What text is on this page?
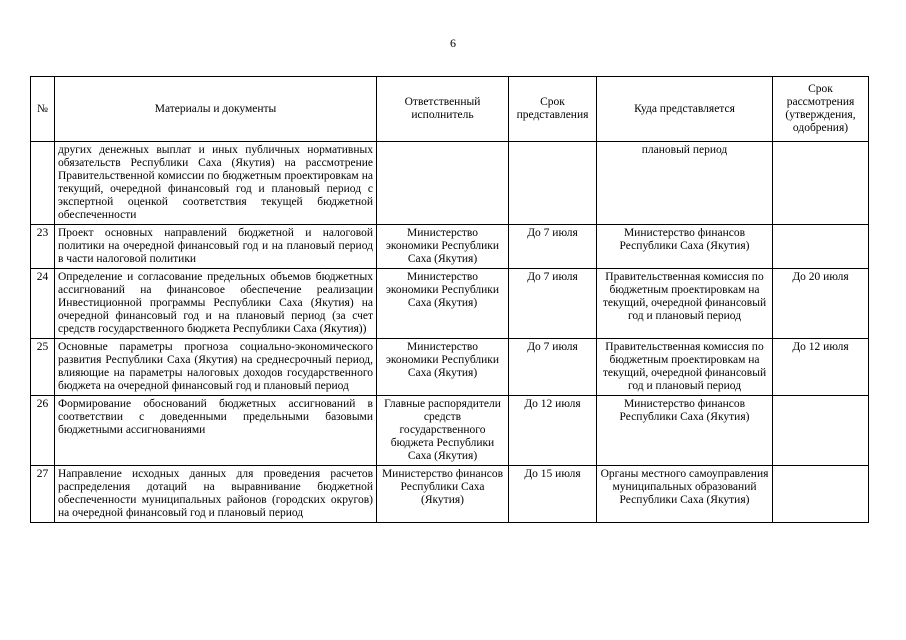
6
№	Материалы и документы	Ответственный исполнитель	Срок представления	Куда представляется	Срок рассмотрения (утверждения, одобрения)
	других денежных выплат и иных публичных нормативных обязательств Республики Саха (Якутия) на рассмотрение Правительственной комиссии по бюджетным проектировкам на текущий, очередной финансовый год и плановый период с экспертной оценкой соответствия текущей бюджетной обеспеченности			плановый период	
23	Проект основных направлений бюджетной и налоговой политики на очередной финансовый год и на плановый период в части налоговой политики	Министерство экономики Республики Саха (Якутия)	До 7 июля	Министерство финансов Республики Саха (Якутия)	
24	Определение и согласование предельных объемов бюджетных ассигнований на финансовое обеспечение реализации Инвестиционной программы Республики Саха (Якутия) на очередной финансовый год и на плановый период (за счет средств государственного бюджета Республики Саха (Якутия))	Министерство экономики Республики Саха (Якутия)	До 7 июля	Правительственная комиссия по бюджетным проектировкам на текущий, очередной финансовый год и плановый период	До 20 июля
25	Основные параметры прогноза социально-экономического развития Республики Саха (Якутия) на среднесрочный период, влияющие на параметры налоговых доходов государственного бюджета на очередной финансовый год и плановый период	Министерство экономики Республики Саха (Якутия)	До 7 июля	Правительственная комиссия по бюджетным проектировкам на текущий, очередной финансовый год и плановый период	До 12 июля
26	Формирование обоснований бюджетных ассигнований в соответствии с доведенными предельными базовыми бюджетными ассигнованиями	Главные распорядители средств государственного бюджета Республики Саха (Якутия)	До 12 июля	Министерство финансов Республики Саха (Якутия)	
27	Направление исходных данных для проведения расчетов распределения дотаций на выравнивание бюджетной обеспеченности муниципальных районов (городских округов) на очередной финансовый год и плановый период	Министерство финансов Республики Саха (Якутия)	До 15 июля	Органы местного самоуправления муниципальных образований Республики Саха (Якутия)	
